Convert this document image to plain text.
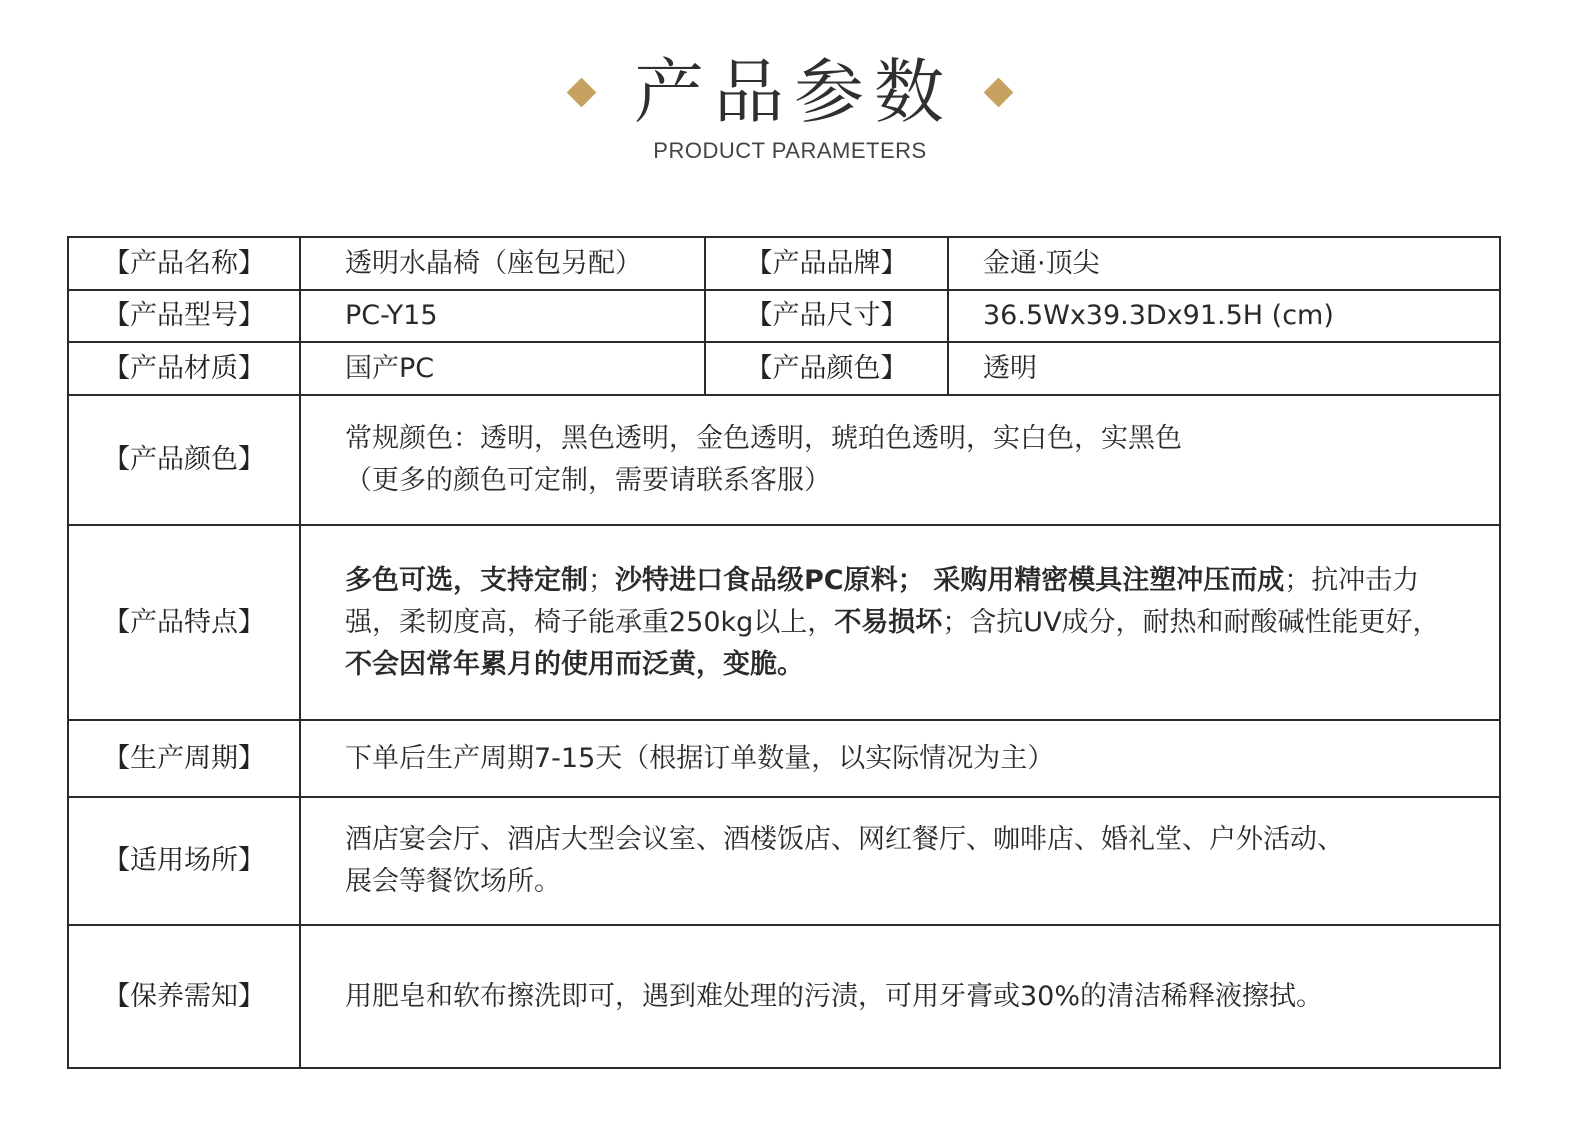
产品参数
PRODUCT PARAMETERS
【产品名称】	透明水晶椅（座包另配）	【产品品牌】	金通·顶尖
【产品型号】	PC-Y15	【产品尺寸】	36.5Wx39.3Dx91.5H (cm)
【产品材质】	国产PC	【产品颜色】	透明
【产品颜色】	常规颜色：透明，黑色透明，金色透明，琥珀色透明，实白色，实黑色
（更多的颜色可定制，需要请联系客服）		

【产品特点】	多色可选，支持定制；沙特进口食品级PC原料； 采购用精密模具注塑冲压而成；抗冲击力强，柔韧度高，椅子能承重250kg以上，不易损坏；含抗UV成分，耐热和耐酸碱性能更好，不会因常年累月的使用而泛黄，变脆。		
【生产周期】	下单后生产周期7-15天（根据订单数量，以实际情况为主）		
【适用场所】	酒店宴会厅、酒店大型会议室、酒楼饭店、网红餐厅、咖啡店、婚礼堂、户外活动、
展会等餐饮场所。		

【保养需知】	用肥皂和软布擦洗即可，遇到难处理的污渍，可用牙膏或30%的清洁稀释液擦拭。		
